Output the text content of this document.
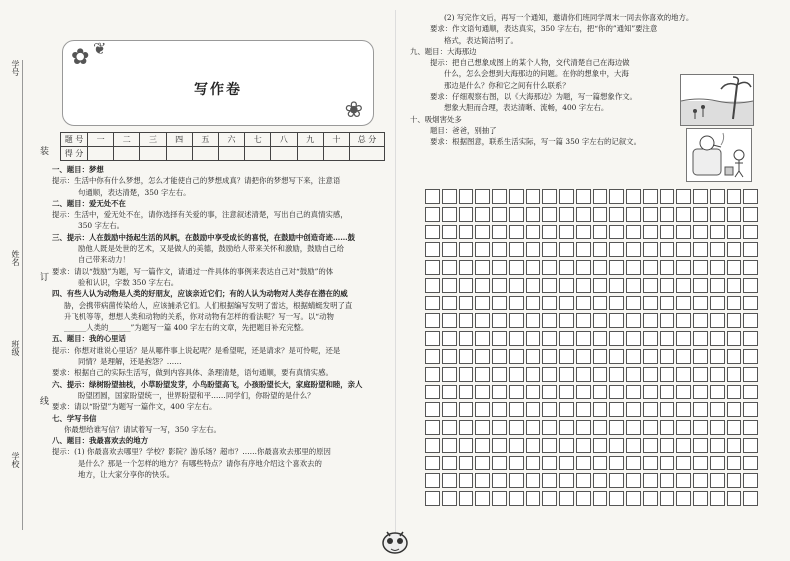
学号
装
姓名
订
班级
线
学校
✿ ❦
❀
写作卷
题 号	一	二	三	四	五	六	七	八	九	十	总 分
得 分											
一、题目：梦想
提示：生活中你有什么梦想，怎么才能使自己的梦想成真？请把你的梦想写下来，注意语
句通顺，表达清楚，350 字左右。
二、题目：爱无处不在
提示：生活中，爱无处不在，请你选择有关爱的事，注意叙述清楚，写出自己的真情实感，
350 字左右。
三、提示：人在鼓励中扬起生活的风帆，在鼓励中享受成长的喜悦，在鼓励中创造奇迹……鼓
励他人既是处世的艺术，又是做人的美德，鼓励给人带来关怀和激励，鼓励自己给
自己带来动力！
要求：请以“鼓励”为题，写一篇作文，请通过一件具体的事例来表达自己对“鼓励”的体
验和认识，字数 350 字左右。
四、有些人认为动物是人类的好朋友，应该亲近它们；有的人认为动物对人类存在潜在的威
胁，会携带病菌传染给人，应该捕杀它们。人们根据编写发明了雷达，根据蜻蜓发明了直
升飞机等等，想想人类和动物的关系，你对动物有怎样的看法呢？写一写。以“动物
______人类的______”为题写一篇 400 字左右的文章，先把题目补充完整。
五、题目：我的心里话
提示：你想对谁说心里话？是从哪件事上说起呢？是希望呢，还是请求？是可怜呢，还是
同情？是理解，还是抱怨？……
要求：根据自己的实际生活写，做到内容具体、条理清楚，语句通顺，要有真情实感。
六、提示：绿树盼望抽枝，小草盼望发芽，小鸟盼望高飞，小孩盼望长大，家庭盼望和睦，亲人
盼望团圆，国家盼望统一，世界盼望和平……同学们，你盼望的是什么？
要求：请以“盼望”为题写一篇作文，400 字左右。
七、学写书信
你最想给谁写信？请试着写一写，350 字左右。
八、题目：我最喜欢去的地方
提示：(1) 你最喜欢去哪里？学校？影院？游乐场？超市？……你最喜欢去那里的原因
是什么？那是一个怎样的地方？有哪些特点？请你有序地介绍这个喜欢去的
地方，让大家分享你的快乐。
(2) 写完作文后，再写一个通知，邀请你们班同学周末一同去你喜欢的地方。
要求：作文语句通顺，表达真实，350 字左右，把“你的”通知”要注意
格式，表达简洁明了。
九、题目：大海那边
提示：把自己想象成图上的某个人物，交代清楚自己在海边做
什么，怎么会想到大海那边的问题。在你的想象中，大海
那边是什么？你和它之间有什么联系？
要求：仔细观察右图，以《大海那边》为题，写一篇想象作文。
想象大胆而合理，表达清晰、流畅，400 字左右。
十、吸烟害处多
题目：爸爸，别抽了
要求：根据图意，联系生活实际，写一篇 350 字左右的记叙文。
